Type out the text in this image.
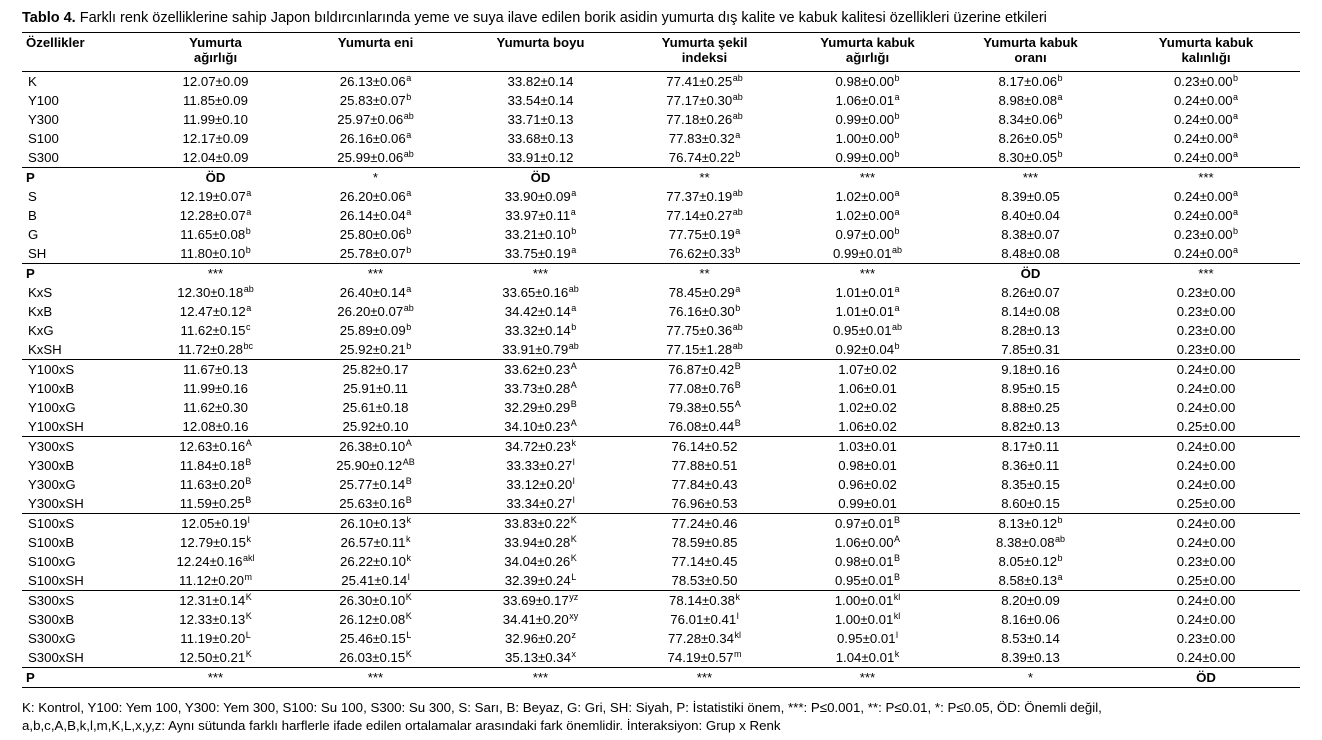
Tablo 4. Farklı renk özelliklerine sahip Japon bıldırcınlarında yeme ve suya ilave edilen borik asidin yumurta dış kalite ve kabuk kalitesi özellikleri üzerine etkileri
Özellikler	Yumurta ağırlığı	Yumurta eni	Yumurta boyu	Yumurta şekil indeksi	Yumurta kabuk ağırlığı	Yumurta kabuk oranı	Yumurta kabuk kalınlığı

K	12.07±0.09	26.13±0.06$^a$	33.82±0.14	77.41±0.25$^{ab}$	0.98±0.00$^b$	8.17±0.06$^b$	0.23±0.00$^b$
Y100	11.85±0.09	25.83±0.07$^b$	33.54±0.14	77.17±0.30$^{ab}$	1.06±0.01$^a$	8.98±0.08$^a$	0.24±0.00$^a$
Y300	11.99±0.10	25.97±0.06$^{ab}$	33.71±0.13	77.18±0.26$^{ab}$	0.99±0.00$^b$	8.34±0.06$^b$	0.24±0.00$^a$
S100	12.17±0.09	26.16±0.06$^a$	33.68±0.13	77.83±0.32$^a$	1.00±0.00$^b$	8.26±0.05$^b$	0.24±0.00$^a$
S300	12.04±0.09	25.99±0.06$^{ab}$	33.91±0.12	76.74±0.22$^b$	0.99±0.00$^b$	8.30±0.05$^b$	0.24±0.00$^a$
P	ÖD	*	ÖD	**	***	***	***
S	12.19±0.07$^a$	26.20±0.06$^a$	33.90±0.09$^a$	77.37±0.19$^{ab}$	1.02±0.00$^a$	8.39±0.05	0.24±0.00$^a$
B	12.28±0.07$^a$	26.14±0.04$^a$	33.97±0.11$^a$	77.14±0.27$^{ab}$	1.02±0.00$^a$	8.40±0.04	0.24±0.00$^a$
G	11.65±0.08$^b$	25.80±0.06$^b$	33.21±0.10$^b$	77.75±0.19$^a$	0.97±0.00$^b$	8.38±0.07	0.23±0.00$^b$
SH	11.80±0.10$^b$	25.78±0.07$^b$	33.75±0.19$^a$	76.62±0.33$^b$	0.99±0.01$^{ab}$	8.48±0.08	0.24±0.00$^a$
P	***	***	***	**	***	ÖD	***
KxS	12.30±0.18$^{ab}$	26.40±0.14$^a$	33.65±0.16$^{ab}$	78.45±0.29$^a$	1.01±0.01$^a$	8.26±0.07	0.23±0.00
KxB	12.47±0.12$^a$	26.20±0.07$^{ab}$	34.42±0.14$^a$	76.16±0.30$^b$	1.01±0.01$^a$	8.14±0.08	0.23±0.00
KxG	11.62±0.15$^c$	25.89±0.09$^b$	33.32±0.14$^b$	77.75±0.36$^{ab}$	0.95±0.01$^{ab}$	8.28±0.13	0.23±0.00
KxSH	11.72±0.28$^{bc}$	25.92±0.21$^b$	33.91±0.79$^{ab}$	77.15±1.28$^{ab}$	0.92±0.04$^b$	7.85±0.31	0.23±0.00
Y100xS	11.67±0.13	25.82±0.17	$33.62\pm 0.23^A$	$76.87\pm 0.42^B$	1.07±0.02	9.18±0.16	0.24±0.00
Y100xB	11.99±0.16	25.91±0.11	$33.73\pm 0.28^A$	$77.08\pm 0.76^B$	1.06±0.01	8.95±0.15	0.24±0.00
Y100xG	11.62±0.30	25.61±0.18	$32.29\pm 0.29^B$	$79.38\pm 0.55^A$	1.02±0.02	8.88±0.25	0.24±0.00
Y100xSH	12.08±0.16	25.92±0.10	$34.10\pm 0.23^A$	$76.08\pm 0.44^B$	1.06±0.02	8.82±0.13	0.25±0.00
Y300xS	$12.63\pm 0.16^A$	$26.38\pm 0.10^A$	$34.72\pm 0.23^k$	76.14±0.52	1.03±0.01	8.17±0.11	0.24±0.00
Y300xB	$11.84\pm 0.18^B$	$25.90\pm 0.12^{AB}$	$33.33\pm 0.27^l$	77.88±0.51	0.98±0.01	8.36±0.11	0.24±0.00
Y300xG	$11.63\pm 0.20^B$	$25.77\pm 0.14^B$	$33.12\pm 0.20^l$	77.84±0.43	0.96±0.02	8.35±0.15	0.24±0.00
Y300xSH	$11.59\pm 0.25^B$	$25.63\pm 0.16^B$	$33.34\pm 0.27^l$	76.96±0.53	0.99±0.01	8.60±0.15	0.25±0.00
S100xS	$12.05\pm 0.19^l$	$26.10\pm 0.13^k$	$33.83\pm 0.22^K$	77.24±0.46	$0.97\pm 0.01^B$	8.13±0.12$^b$	0.24±0.00
S100xB	$12.79\pm 0.15^k$	$26.57\pm 0.11^k$	$33.94\pm 0.28^K$	78.59±0.85	$1.06\pm 0.00^A$	8.38±0.08$^{ab}$	0.24±0.00
S100xG	$12.24\pm 0.16^{akl}$	$26.22\pm 0.10^k$	$34.04\pm 0.26^K$	77.14±0.45	$0.98\pm 0.01^B$	8.05±0.12$^b$	0.23±0.00
S100xSH	$11.12\pm 0.20^m$	$25.41\pm 0.14^l$	$32.39\pm 0.24^L$	78.53±0.50	$0.95\pm 0.01^B$	8.58±0.13$^a$	0.25±0.00
S300xS	$12.31\pm 0.14^K$	$26.30\pm 0.10^K$	$33.69\pm 0.17^{yz}$	$78.14\pm 0.38^k$	$1.00\pm 0.01^{kl}$	8.20±0.09	0.24±0.00
S300xB	$12.33\pm 0.13^K$	$26.12\pm 0.08^K$	$34.41\pm 0.20^{xy}$	$76.01\pm 0.41^l$	$1.00\pm 0.01^{kl}$	8.16±0.06	0.24±0.00
S300xG	$11.19\pm 0.20^L$	$25.46\pm 0.15^L$	$32.96\pm 0.20^z$	$77.28\pm 0.34^{kl}$	$0.95\pm 0.01^l$	8.53±0.14	0.23±0.00
S300xSH	$12.50\pm 0.21^K$	$26.03\pm 0.15^K$	$35.13\pm 0.34^x$	$74.19\pm 0.57^m$	$1.04\pm 0.01^k$	8.39±0.13	0.24±0.00
P	***	***	***	***	***	*	ÖD
K: Kontrol, Y100: Yem 100, Y300: Yem 300, S100: Su 100, S300: Su 300, S: Sarı, B: Beyaz, G: Gri, SH: Siyah, P: İstatistiki önem, ***: P≤0.001, **: P≤0.01, *: P≤0.05, ÖD: Önemli değil,
a,b,c,A,B,k,l,m,K,L,x,y,z: Aynı sütunda farklı harflerle ifade edilen ortalamalar arasındaki fark önemlidir. İnteraksiyon: Grup x Renk
